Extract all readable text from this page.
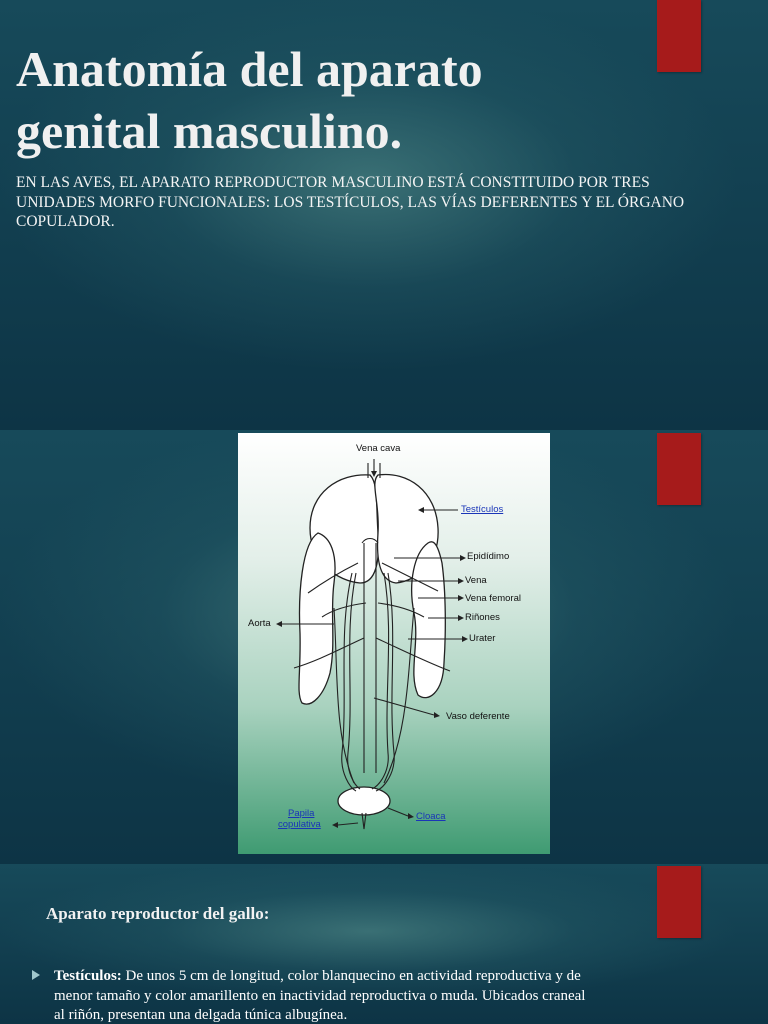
Anatomía del aparato genital masculino.

EN LAS AVES, EL APARATO REPRODUCTOR MASCULINO ESTÁ CONSTITUIDO POR TRES UNIDADES MORFO FUNCIONALES: LOS TESTÍCULOS, LAS VÍAS DEFERENTES Y EL ÓRGANO COPULADOR.

Vena cava
Testículos
Epidídimo
Vena
Vena femoral
Riñones
Urater
Aorta
Vaso deferente
Papila
copulativa
Cloaca
Aparato reproductor del gallo:
Testículos: De unos 5 cm de longitud, color blanquecino en actividad reproductiva y de menor tamaño y color amarillento en inactividad reproductiva o muda. Ubicados craneal al riñón, presentan una delgada túnica albugínea.
